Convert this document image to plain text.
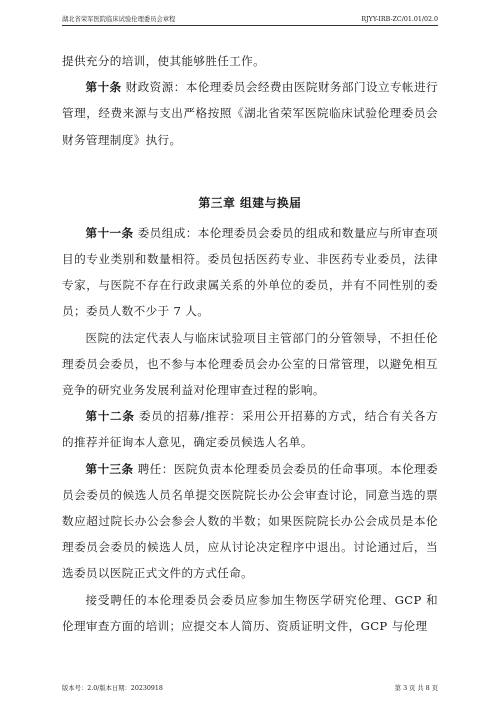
湖北省荣军医院临床试验伦理委员会章程	RJYY-IRB-ZC/01.01/02.0

提供充分的培训，使其能够胜任工作。

第十条 财政资源：本伦理委员会经费由医院财务部门设立专帐进行管理，经费来源与支出严格按照《湖北省荣军医院临床试验伦理委员会财务管理制度》执行。

第三章 组建与换届

第十一条 委员组成：本伦理委员会委员的组成和数量应与所审查项目的专业类别和数量相符。委员包括医药专业、非医药专业委员，法律专家，与医院不存在行政隶属关系的外单位的委员，并有不同性别的委员；委员人数不少于 7 人。

医院的法定代表人与临床试验项目主管部门的分管领导，不担任伦理委员会委员，也不参与本伦理委员会办公室的日常管理，以避免相互竞争的研究业务发展利益对伦理审查过程的影响。

第十二条 委员的招募/推荐：采用公开招募的方式，结合有关各方的推荐并征询本人意见，确定委员候选人名单。

第十三条 聘任：医院负责本伦理委员会委员的任命事项。本伦理委员会委员的候选人员名单提交医院院长办公会审查讨论，同意当选的票数应超过院长办公会参会人数的半数；如果医院院长办公会成员是本伦理委员会委员的候选人员，应从讨论决定程序中退出。讨论通过后，当选委员以医院正式文件的方式任命。

接受聘任的本伦理委员会委员应参加生物医学研究伦理、GCP 和伦理审查方面的培训；应提交本人简历、资质证明文件，GCP 与伦理

版本号：2.0/版本日期：20230918	第 3 页 共 8 页
